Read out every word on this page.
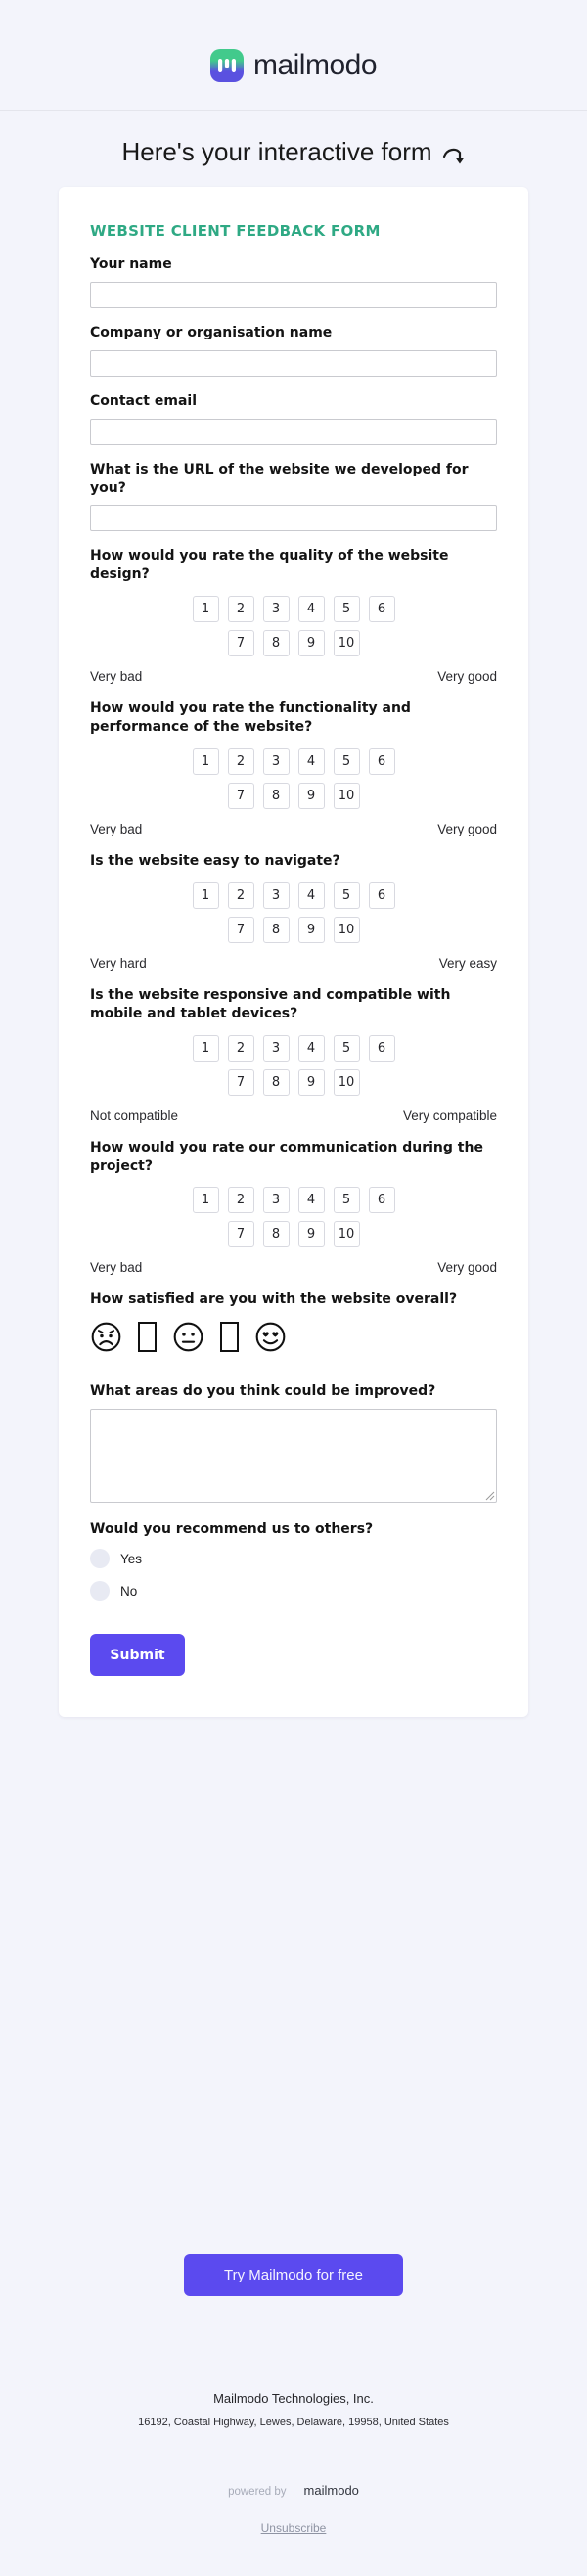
mailmodo
Here's your interactive form
WEBSITE CLIENT FEEDBACK FORM
Your name
Company or organisation name
Contact email
What is the URL of the website we developed for you?
How would you rate the quality of the website design?
1	2	3	4	5	6
7	8	9	10
Very bad	Very good
How would you rate the functionality and performance of the website?
1	2	3	4	5	6
7	8	9	10
Very bad	Very good
Is the website easy to navigate?
1	2	3	4	5	6
7	8	9	10
Very hard	Very easy
Is the website responsive and compatible with mobile and tablet devices?
1	2	3	4	5	6
7	8	9	10
Not compatible	Very compatible
How would you rate our communication during the project?
1	2	3	4	5	6
7	8	9	10
Very bad	Very good
How satisfied are you with the website overall?
What areas do you think could be improved?
Would you recommend us to others?
Yes
No
Submit
Try Mailmodo for free
Mailmodo Technologies, Inc.
16192, Coastal Highway, Lewes, Delaware, 19958, United States
powered by mailmodo
Unsubscribe
